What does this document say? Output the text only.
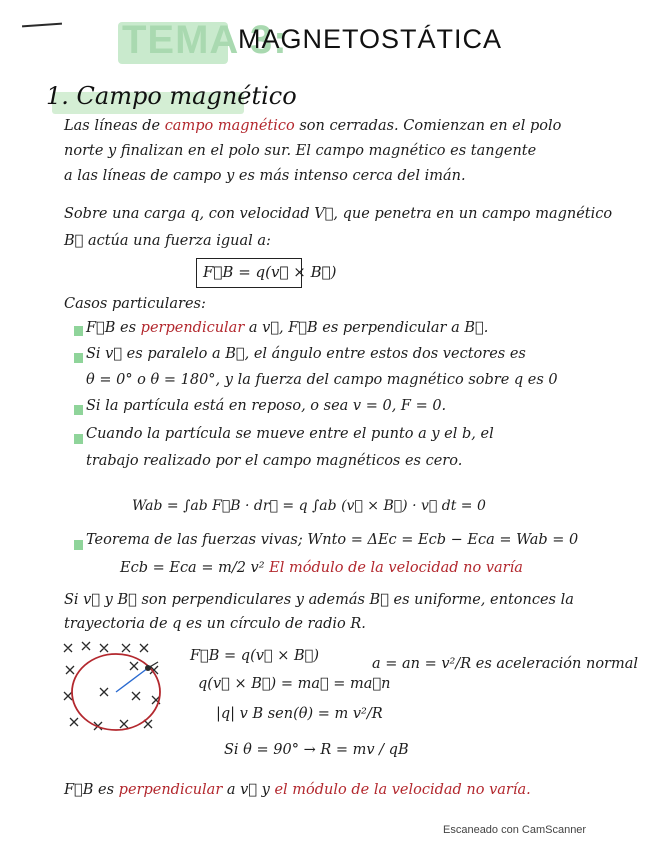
TEMA 3:
MAGNETOSTÁTICA
1. Campo magnético
Las líneas de campo magnético son cerradas. Comienzan en el polo
norte y finalizan en el polo sur. El campo magnético es tangente
a las líneas de campo y es más intenso cerca del imán.
Sobre una carga q, con velocidad V⃗, que penetra en un campo magnético
B⃗ actúa una fuerza igual a:
F⃗B = q(v⃗ × B⃗)
Casos particulares:
F⃗B es perpendicular a v⃗, F⃗B es perpendicular a B⃗.
Si v⃗ es paralelo a B⃗, el ángulo entre estos dos vectores es
θ = 0° o θ = 180°, y la fuerza del campo magnético sobre q es 0
Si la partícula está en reposo, o sea v = 0, F = 0.
Cuando la partícula se mueve entre el punto a y el b, el
trabajo realizado por el campo magnéticos es cero.
Wab = ∫ab F⃗B · dr⃗ = q ∫ab (v⃗ × B⃗) · v⃗ dt = 0
Teorema de las fuerzas vivas; Wnto = ΔEc = Ecb − Eca = Wab = 0
Ecb = Eca = m/2 v² El módulo de la velocidad no varía
Si v⃗ y B⃗ son perpendiculares y además B⃗ es uniforme, entonces la
trayectoria de q es un círculo de radio R.
F⃗B = q(v⃗ × B⃗)
q(v⃗ × B⃗) = ma⃗ = ma⃗n
|q| v B sen(θ) = m v²/R
Si θ = 90° → R = mv / qB
a = an = v²/R es aceleración normal
F⃗B es perpendicular a v⃗ y el módulo de la velocidad no varía.
Escaneado con CamScanner
